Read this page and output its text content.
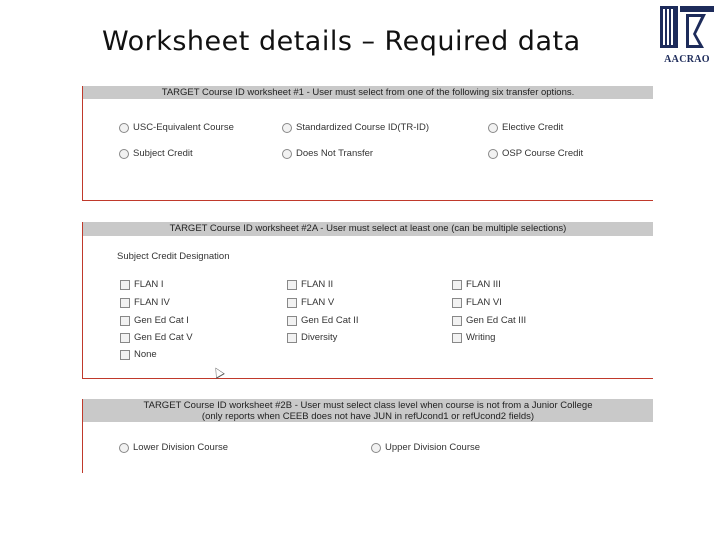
Worksheet details – Required data
AACRAO
TARGET Course ID worksheet #1 - User must select from one of the following six transfer options.
USC-Equivalent Course	Standardized Course ID(TR-ID)	Elective Credit
Subject Credit	Does Not Transfer	OSP Course Credit
TARGET Course ID worksheet #2A - User must select at least one (can be multiple selections)
Subject Credit Designation
FLAN I	FLAN II	FLAN III
FLAN IV	FLAN V	FLAN VI
Gen Ed Cat I	Gen Ed Cat II	Gen Ed Cat III
Gen Ed Cat V	Diversity	Writing
None
TARGET Course ID worksheet #2B - User must select class level when course is not from a Junior College
(only reports when CEEB does not have JUN in refUcond1 or refUcond2 fields)
Lower Division Course	Upper Division Course
